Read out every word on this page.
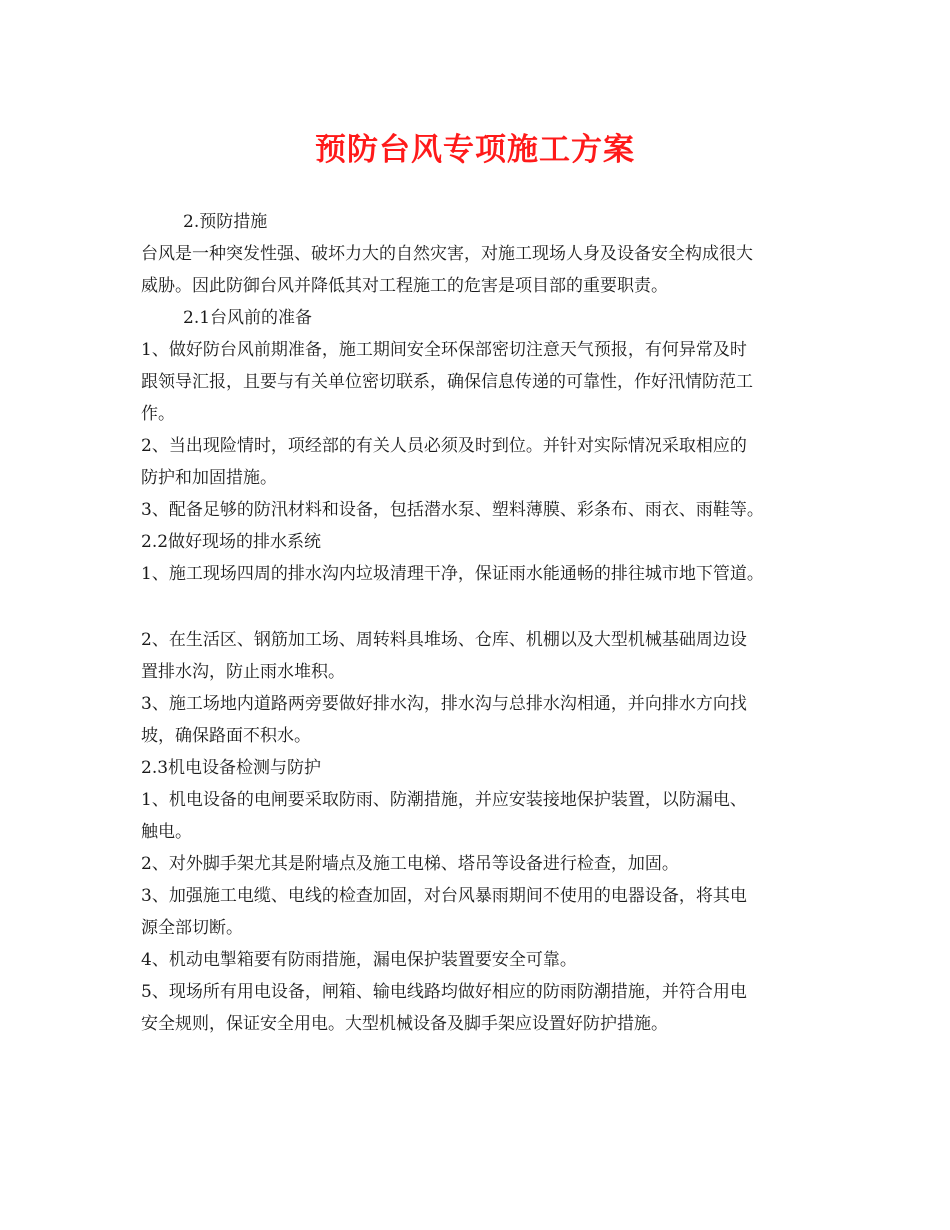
预防台风专项施工方案

2.预防措施

台风是一种突发性强、破坏力大的自然灾害，对施工现场人身及设备安全构成很大

威胁。因此防御台风并降低其对工程施工的危害是项目部的重要职责。

2.1台风前的准备

1、做好防台风前期准备，施工期间安全环保部密切注意天气预报，有何异常及时

跟领导汇报，且要与有关单位密切联系，确保信息传递的可靠性，作好汛情防范工

作。

2、当出现险情时，项经部的有关人员必须及时到位。并针对实际情况采取相应的

防护和加固措施。

3、配备足够的防汛材料和设备，包括潜水泵、塑料薄膜、彩条布、雨衣、雨鞋等。

2.2做好现场的排水系统

1、施工现场四周的排水沟内垃圾清理干净，保证雨水能通畅的排往城市地下管道。

2、在生活区、钢筋加工场、周转料具堆场、仓库、机棚以及大型机械基础周边设

置排水沟，防止雨水堆积。

3、施工场地内道路两旁要做好排水沟，排水沟与总排水沟相通，并向排水方向找

坡，确保路面不积水。

2.3机电设备检测与防护

1、机电设备的电闸要采取防雨、防潮措施，并应安装接地保护装置，以防漏电、

触电。

2、对外脚手架尤其是附墙点及施工电梯、塔吊等设备进行检查，加固。

3、加强施工电缆、电线的检查加固，对台风暴雨期间不使用的电器设备，将其电

源全部切断。

4、机动电掣箱要有防雨措施，漏电保护装置要安全可靠。

5、现场所有用电设备，闸箱、输电线路均做好相应的防雨防潮措施，并符合用电

安全规则，保证安全用电。大型机械设备及脚手架应设置好防护措施。
